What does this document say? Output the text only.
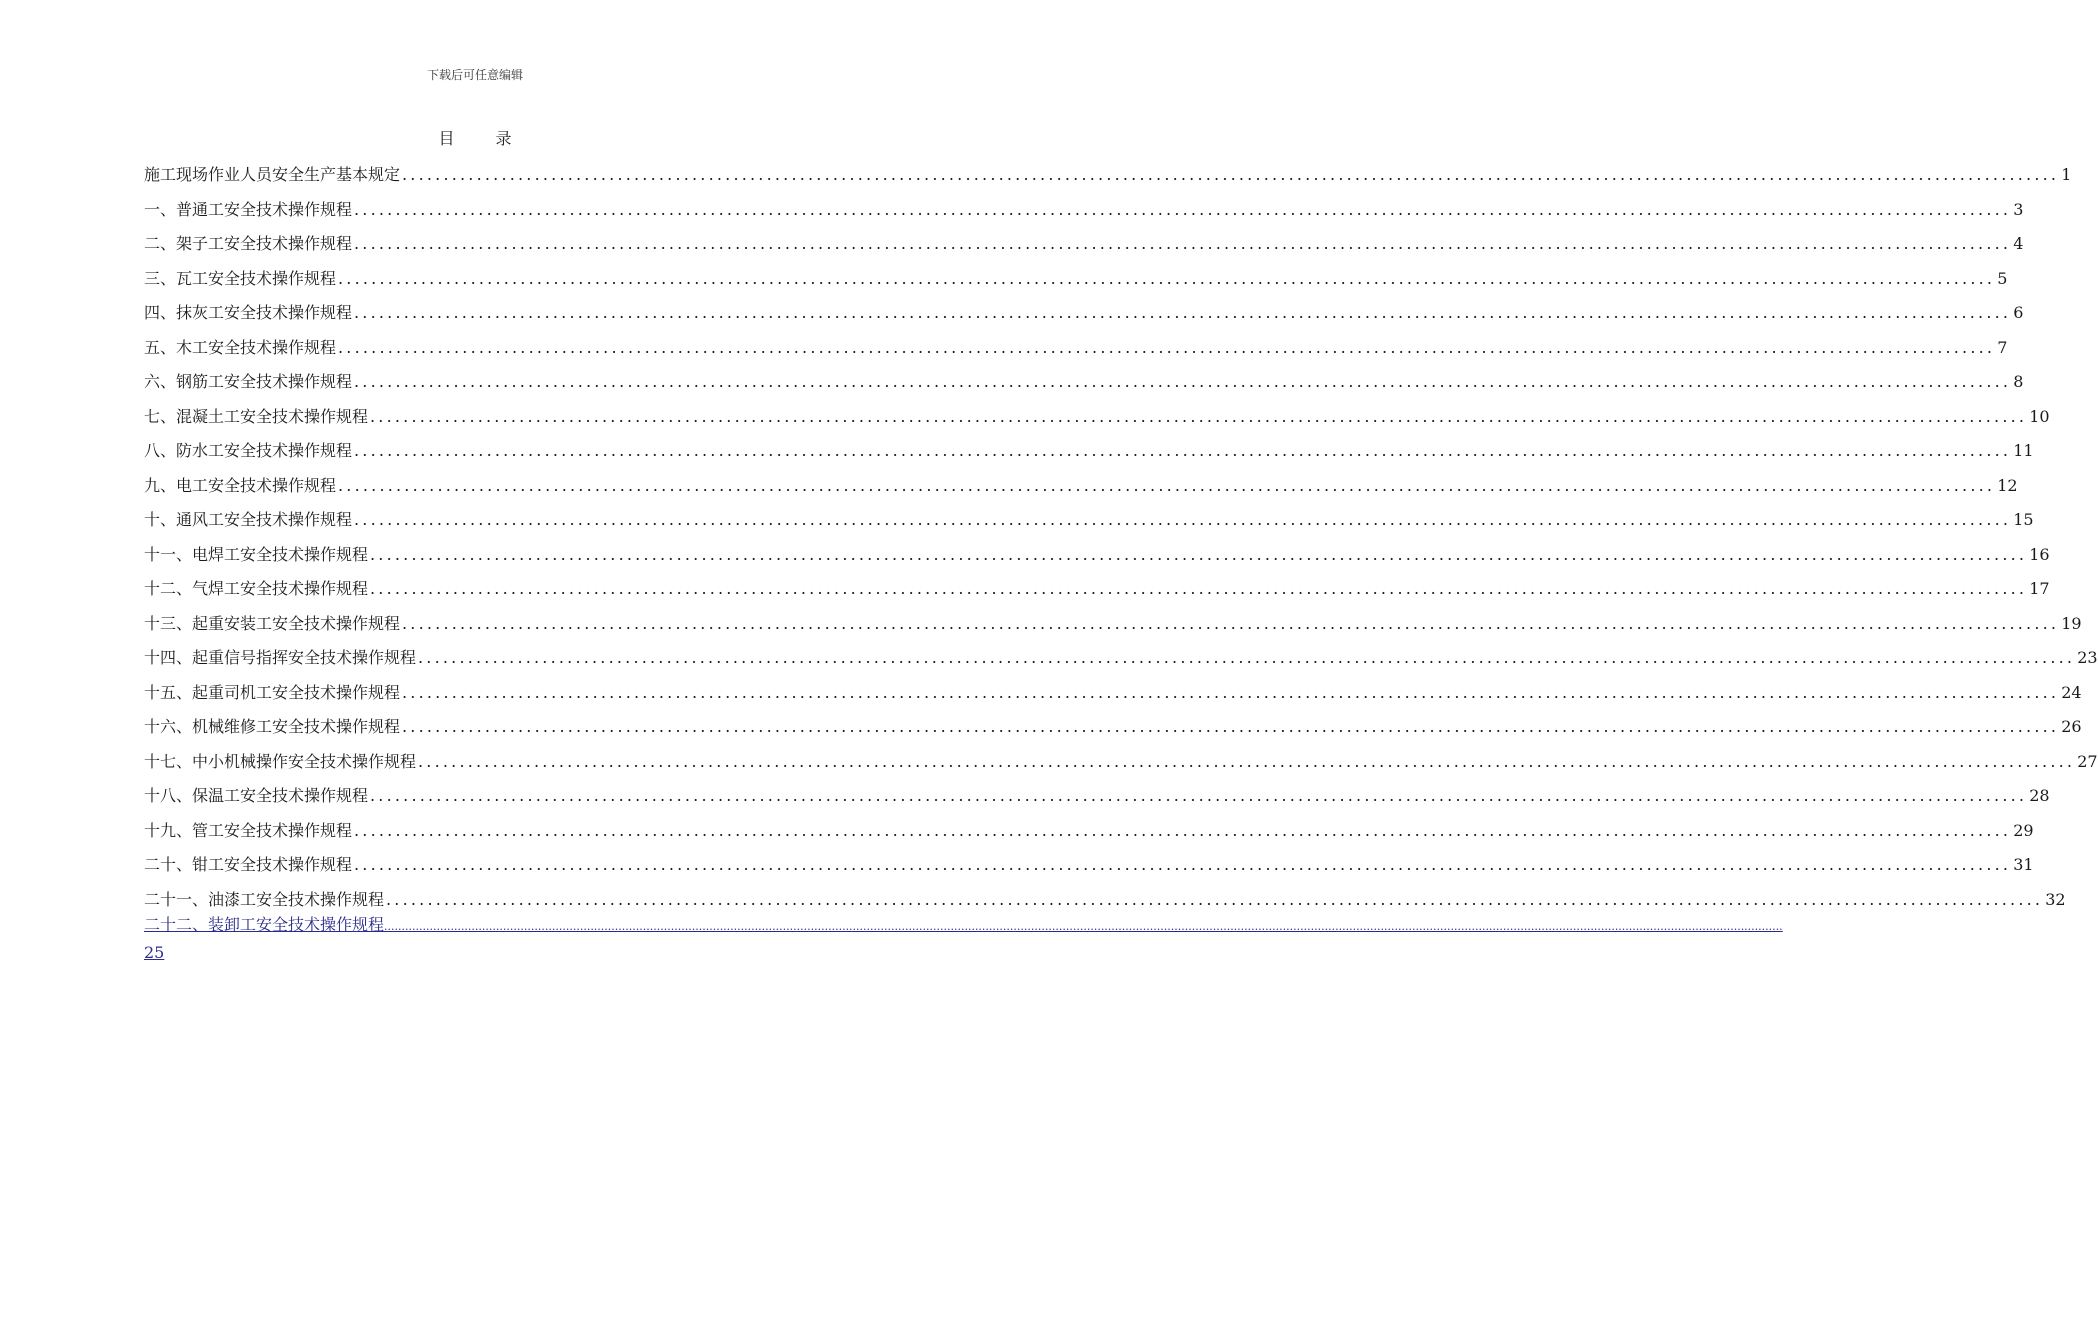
下载后可任意编辑
目 录
施工现场作业人员安全生产基本规定 ........................................................................................................................................................................................................ 1
一、普通工安全技术操作规程 ........................................................................................................................................................................................................ 3
二、架子工安全技术操作规程 ........................................................................................................................................................................................................ 4
三、瓦工安全技术操作规程 ........................................................................................................................................................................................................ 5
四、抹灰工安全技术操作规程 ........................................................................................................................................................................................................ 6
五、木工安全技术操作规程 ........................................................................................................................................................................................................ 7
六、钢筋工安全技术操作规程 ........................................................................................................................................................................................................ 8
七、混凝土工安全技术操作规程 ........................................................................................................................................................................................................ 10
八、防水工安全技术操作规程 ........................................................................................................................................................................................................ 11
九、电工安全技术操作规程 ........................................................................................................................................................................................................ 12
十、通风工安全技术操作规程 ........................................................................................................................................................................................................ 15
十一、电焊工安全技术操作规程 ........................................................................................................................................................................................................ 16
十二、气焊工安全技术操作规程 ........................................................................................................................................................................................................ 17
十三、起重安装工安全技术操作规程 ........................................................................................................................................................................................................ 19
十四、起重信号指挥安全技术操作规程 ........................................................................................................................................................................................................ 23
十五、起重司机工安全技术操作规程 ........................................................................................................................................................................................................ 24
十六、机械维修工安全技术操作规程 ........................................................................................................................................................................................................ 26
十七、中小机械操作安全技术操作规程 ........................................................................................................................................................................................................ 27
十八、保温工安全技术操作规程 ........................................................................................................................................................................................................ 28
十九、管工安全技术操作规程 ........................................................................................................................................................................................................ 29
二十、钳工安全技术操作规程 ........................................................................................................................................................................................................ 31
二十一、油漆工安全技术操作规程 ........................................................................................................................................................................................................ 32
二十二、装卸工安全技术操作规程 ................................................................................................................................................................................................................................................................................................................................................................................................................
25
